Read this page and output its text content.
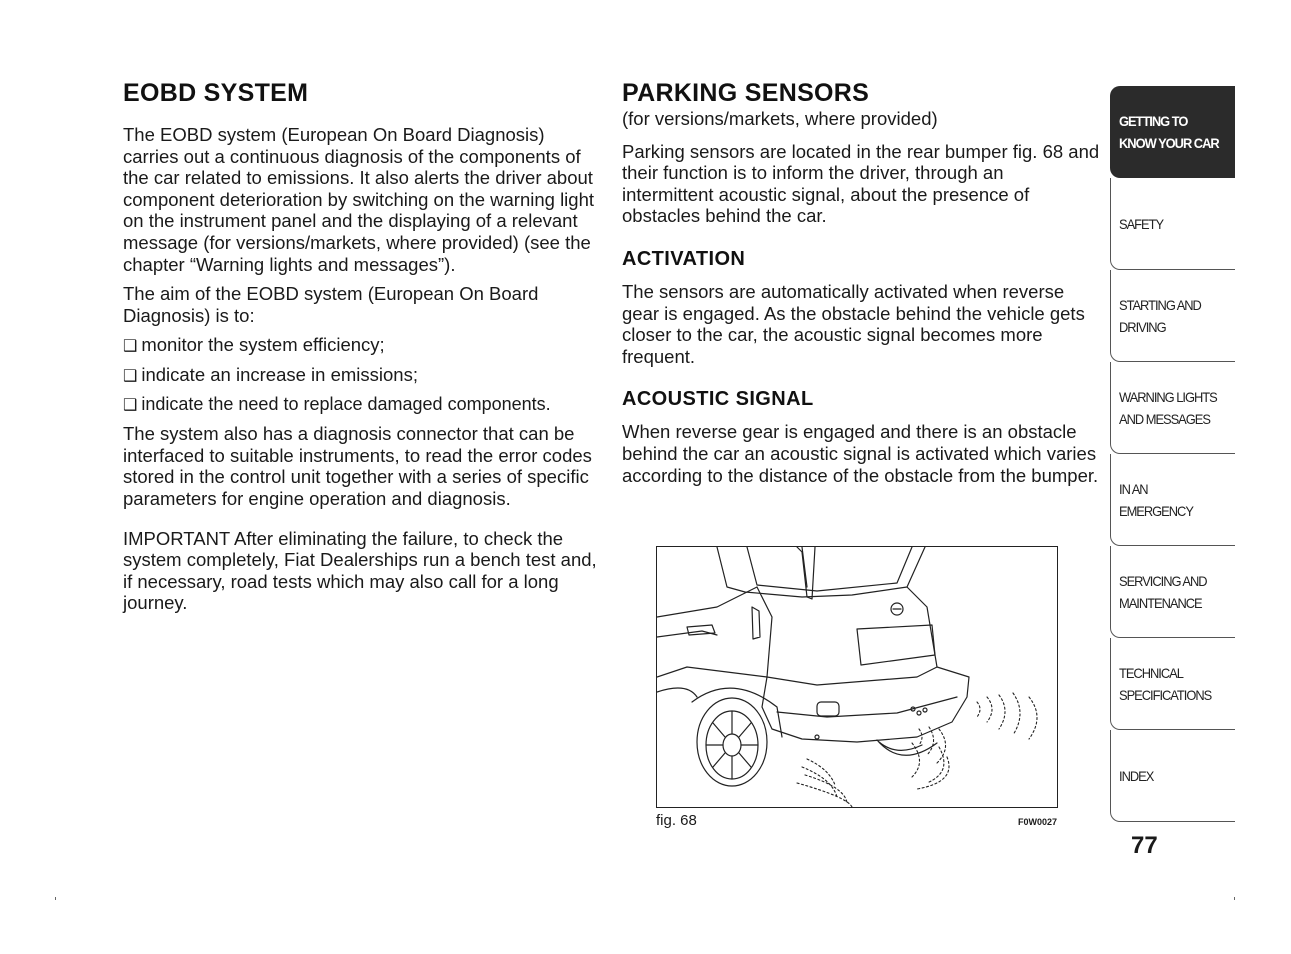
EOBD SYSTEM

The EOBD system (European On Board Diagnosis) carries out a continuous diagnosis of the components of the car related to emissions. It also alerts the driver about component deterioration by switching on the warning light on the instrument panel and the displaying of a relevant message (for versions/markets, where provided) (see the chapter “Warning lights and messages”).

The aim of the EOBD system (European On Board Diagnosis) is to:

❑ monitor the system efficiency;

❑ indicate an increase in emissions;

❑ indicate the need to replace damaged components.

The system also has a diagnosis connector that can be interfaced to suitable instruments, to read the error codes stored in the control unit together with a series of specific parameters for engine operation and diagnosis.

IMPORTANT After eliminating the failure, to check the system completely, Fiat Dealerships run a bench test and, if necessary, road tests which may also call for a long journey.

PARKING SENSORS

(for versions/markets, where provided)

Parking sensors are located in the rear bumper fig. 68 and their function is to inform the driver, through an intermittent acoustic signal, about the presence of obstacles behind the car.

ACTIVATION

The sensors are automatically activated when reverse gear is engaged. As the obstacle behind the vehicle gets closer to the car, the acoustic signal becomes more frequent.

ACOUSTIC SIGNAL

When reverse gear is engaged and there is an obstacle behind the car an acoustic signal is activated which varies according to the distance of the obstacle from the bumper.

fig. 68	F0W0027
GETTING TO KNOW YOUR CAR
SAFETY
STARTING AND DRIVING
WARNING LIGHTS AND MESSAGES
IN AN EMERGENCY
SERVICING AND MAINTENANCE
TECHNICAL SPECIFICATIONS
INDEX
77
